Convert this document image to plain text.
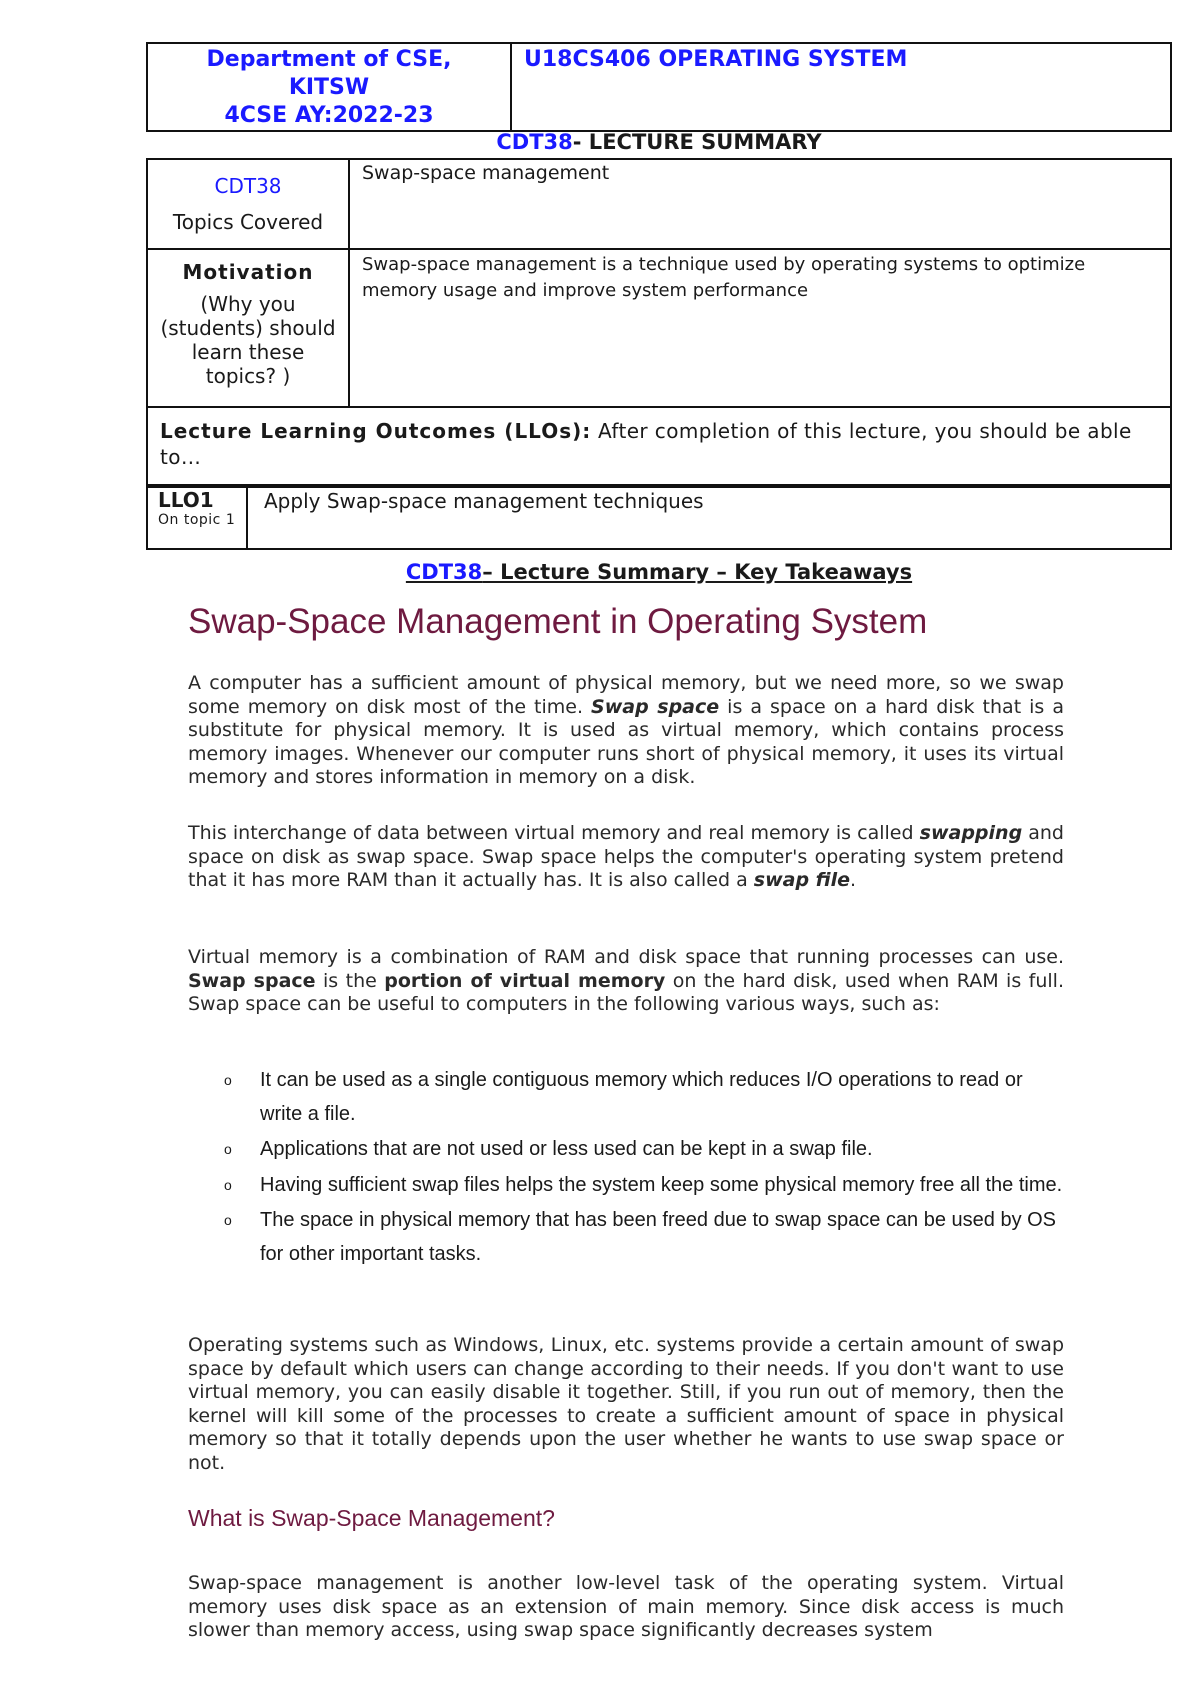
Department of CSE,
KITSW
4CSE AY:2022-23
	U18CS406 OPERATING SYSTEM
CDT38- LECTURE SUMMARY
CDT38
Topics Covered	Swap-space management

Motivation
(Why you (students) should learn these topics? )	Swap-space management is a technique used by operating systems to optimize memory usage and improve system performance
Lecture Learning Outcomes (LLOs): After completion of this lecture, you should be able to…	
LLO1
On topic 1
	Apply Swap-space management techniques
CDT38– Lecture Summary – Key Takeaways
Swap-Space Management in Operating System
A computer has a sufficient amount of physical memory, but we need more, so we swap some memory on disk most of the time. Swap space is a space on a hard disk that is a substitute for physical memory. It is used as virtual memory, which contains process memory images. Whenever our computer runs short of physical memory, it uses its virtual memory and stores information in memory on a disk.
This interchange of data between virtual memory and real memory is called swapping and space on disk as swap space. Swap space helps the computer's operating system pretend that it has more RAM than it actually has. It is also called a swap file.
Virtual memory is a combination of RAM and disk space that running processes can use. Swap space is the portion of virtual memory on the hard disk, used when RAM is full. Swap space can be useful to computers in the following various ways, such as:
o It can be used as a single contiguous memory which reduces I/O operations to read or write a file.
o Applications that are not used or less used can be kept in a swap file.
o Having sufficient swap files helps the system keep some physical memory free all the time.
o The space in physical memory that has been freed due to swap space can be used by OS for other important tasks.
Operating systems such as Windows, Linux, etc. systems provide a certain amount of swap space by default which users can change according to their needs. If you don't want to use virtual memory, you can easily disable it together. Still, if you run out of memory, then the kernel will kill some of the processes to create a sufficient amount of space in physical memory so that it totally depends upon the user whether he wants to use swap space or not.
What is Swap-Space Management?
Swap-space management is another low-level task of the operating system. Virtual memory uses disk space as an extension of main memory. Since disk access is much slower than memory access, using swap space significantly decreases system
